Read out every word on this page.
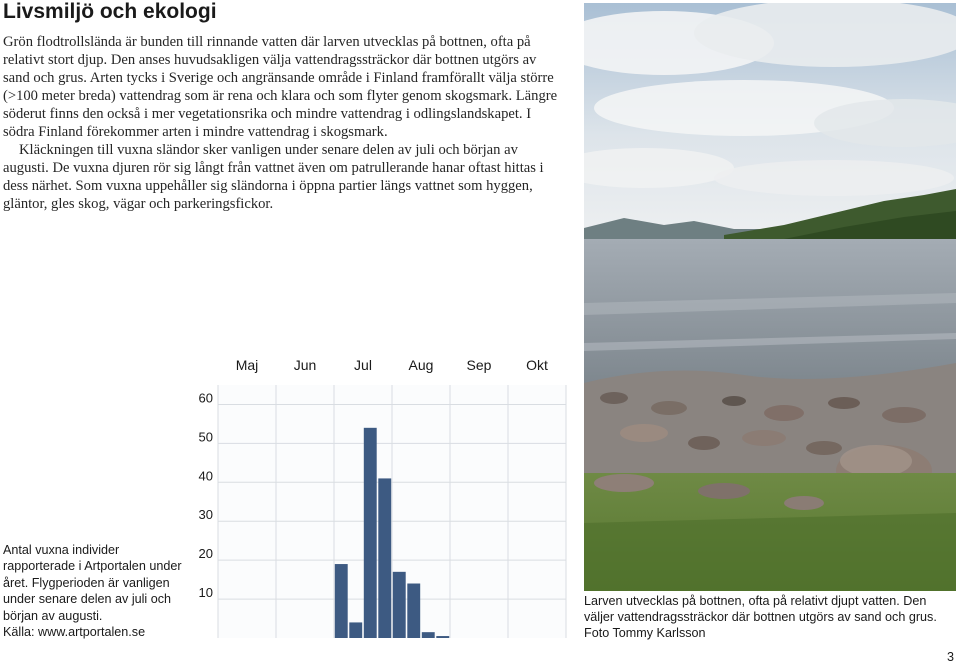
Livsmiljö och ekologi

Grön flodtrollslända är bunden till rinnande vatten där larven utvecklas på bottnen, ofta på relativt stort djup. Den anses huvudsakligen välja vattendragssträckor där bottnen utgörs av sand och grus. Arten tycks i Sverige och angränsande område i Finland framförallt välja större (>100 meter breda) vattendrag som är rena och klara och som flyter genom skogsmark. Längre söderut finns den också i mer vegetationsrika och mindre vattendrag i odlingslandskapet. I södra Finland förekommer arten i mindre vattendrag i skogsmark.

Kläckningen till vuxna sländor sker vanligen under senare delen av juli och början av augusti. De vuxna djuren rör sig långt från vattnet även om patrullerande hanar oftast hittas i dess närhet. Som vuxna uppehåller sig sländorna i öppna partier längs vattnet som hyggen, gläntor, gles skog, vägar och parkeringsfickor.

Larven utvecklas på bottnen, ofta på relativt djupt vatten. Den väljer vattendragssträckor där bottnen utgörs av sand och grus. Foto Tommy Karlsson
Antal vuxna individer rapporterade i Artportalen under året. Flygperioden är vanligen under senare delen av juli och början av augusti.
Källa: www.artportalen.se
Maj	Jun	Jul	Aug Sep Okt
10
20
30
40
50
60
3
